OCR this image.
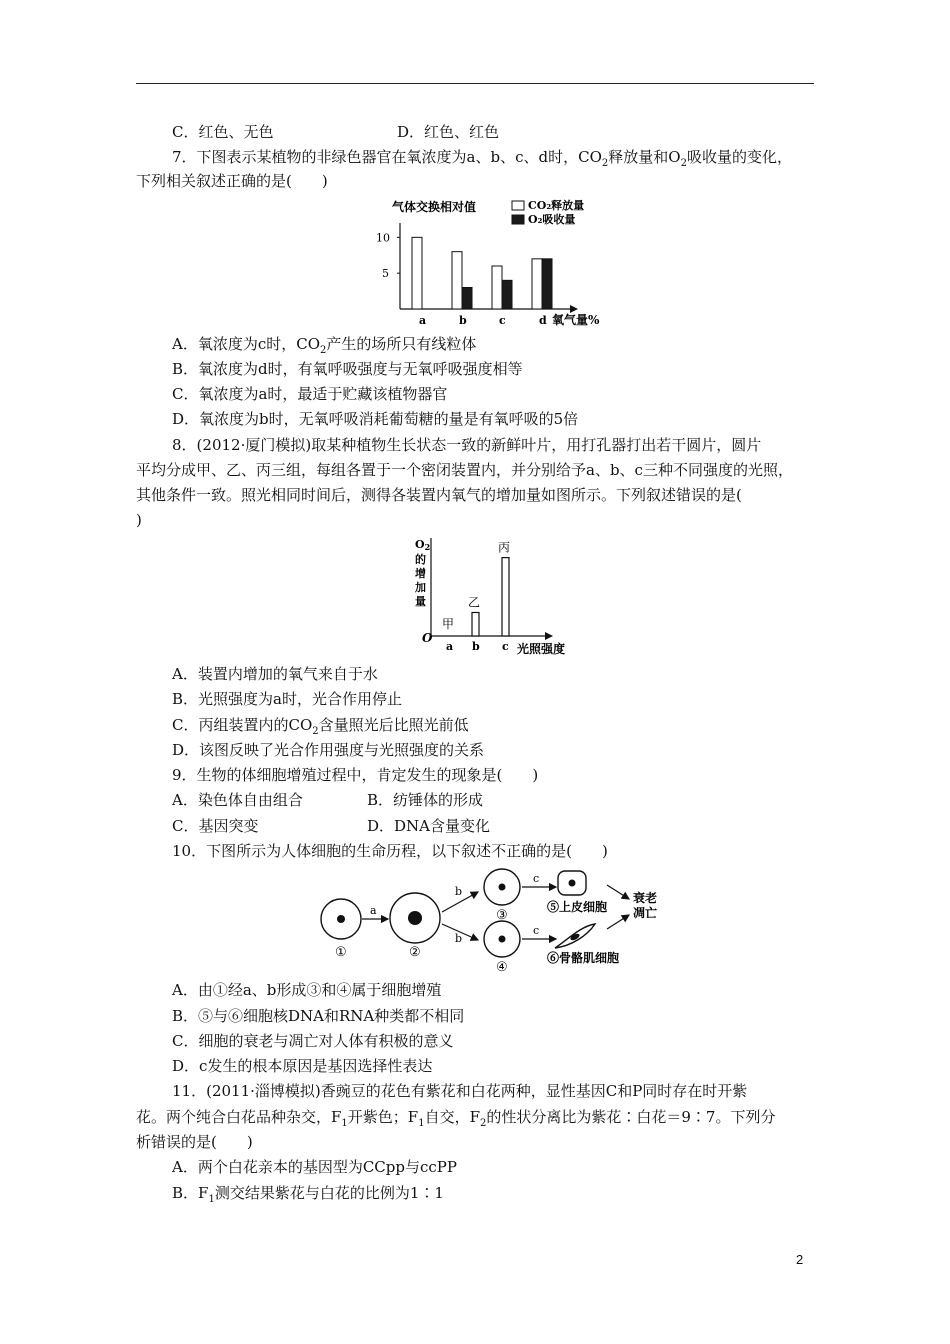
C．红色、无色	D．红色、红色
7．下图表示某植物的非绿色器官在氧浓度为a、b、c、d时，$CO_2$释放量和$O_2$吸收量的变化，
下列相关叙述正确的是(　　)
气体交换相对值	CO₂释放量
O₂吸收量
5
10
a	b	c	d 氧气量%
A．氧浓度为c时，$CO_2$产生的场所只有线粒体
B．氧浓度为d时，有氧呼吸强度与无氧呼吸强度相等
C．氧浓度为a时，最适于贮藏该植物器官
D．氧浓度为b时，无氧呼吸消耗葡萄糖的量是有氧呼吸的5倍
8．(2012·厦门模拟)取某种植物生长状态一致的新鲜叶片，用打孔器打出若干圆片，圆片
平均分成甲、乙、丙三组，每组各置于一个密闭装置内，并分别给予a、b、c三种不同强度的光照，
其他条件一致。照光相同时间后，测得各装置内氧气的增加量如图所示。下列叙述错误的是(
)
O2
的
增
加
量
O
甲
乙
丙
a b c 光照强度
A．装置内增加的氧气来自于水
B．光照强度为a时，光合作用停止
C．丙组装置内的$CO_2$含量照光后比照光前低
D．该图反映了光合作用强度与光照强度的关系
9．生物的体细胞增殖过程中，肯定发生的现象是(　　)
A．染色体自由组合	B．纺锤体的形成
C．基因突变	D．DNA含量变化
10．下图所示为人体细胞的生命历程，以下叙述不正确的是(　　)
①
a
②
b
b
③
④
c
c
⑤上皮细胞
⑥骨骼肌细胞
衰老
凋亡
A．由①经a、b形成③和④属于细胞增殖
B．⑤与⑥细胞核DNA和RNA种类都不相同
C．细胞的衰老与凋亡对人体有积极的意义
D．c发生的根本原因是基因选择性表达
11．(2011·淄博模拟)香豌豆的花色有紫花和白花两种，显性基因C和P同时存在时开紫
花。两个纯合白花品种杂交，$F_1$开紫色；$F_1$自交，$F_2$的性状分离比为紫花∶白花＝9∶7。下列分
析错误的是(　　)
A．两个白花亲本的基因型为CCpp与ccPP
B．$F_1$测交结果紫花与白花的比例为1∶1
2
